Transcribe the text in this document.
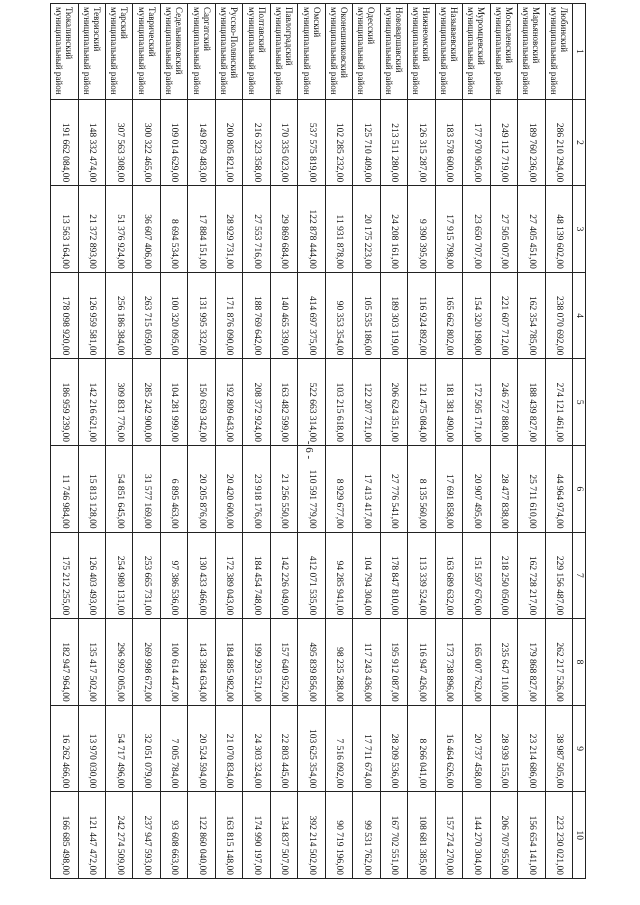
- 6 -
1	2	3	4	5	6	7	8	9	10
Любинский муниципальный район	286 210 294,00	48 139 602,00	238 070 692,00	274 121 461,00	44 964 974,00	229 156 487,00	262 217 526,00	38 987 505,00	223 230 021,00
Марьяновский муниципальный район	189 760 236,00	27 405 451,00	162 354 785,00	188 439 827,00	25 711 610,00	162 728 217,00	179 868 827,00	23 214 686,00	156 654 141,00
Москаленский муниципальный район	249 112 719,00	27 505 007,00	221 607 712,00	246 727 888,00	28 477 838,00	218 250 050,00	235 647 110,00	28 939 155,00	206 707 955,00
Муромцевский муниципальный район	177 970 905,00	23 650 707,00	154 320 198,00	172 505 171,00	20 907 495,00	151 597 676,00	165 007 762,00	20 737 458,00	144 270 304,00
Называевский муниципальный район	183 578 600,00	17 915 798,00	165 662 802,00	181 381 490,00	17 691 858,00	163 689 632,00	173 738 896,00	16 464 626,00	157 274 270,00
Нижнеомский муниципальный район	126 315 287,00	9 390 395,00	116 924 892,00	121 475 084,00	8 135 560,00	113 339 524,00	116 947 426,00	8 266 041,00	108 681 385,00
Нововаршавский муниципальный район	213 511 280,00	24 208 161,00	189 303 119,00	206 624 351,00	27 776 541,00	178 847 810,00	195 912 087,00	28 209 536,00	167 702 551,00
Одесский муниципальный район	125 710 409,00	20 175 223,00	105 535 186,00	122 207 721,00	17 413 417,00	104 794 304,00	117 243 436,00	17 711 674,00	99 531 762,00
Оконешниковский муниципальный район	102 285 232,00	11 931 878,00	90 353 354,00	103 215 618,00	8 929 677,00	94 285 941,00	98 235 288,00	7 516 092,00	90 719 196,00
Омский муниципальный район	537 575 819,00	122 878 444,00	414 697 375,00	522 663 314,00	110 591 779,00	412 071 535,00	495 839 856,00	103 625 354,00	392 214 502,00
Павлоградский муниципальный район	170 335 023,00	29 869 684,00	140 465 339,00	163 482 599,00	21 256 550,00	142 226 049,00	157 640 952,00	22 803 445,00	134 837 507,00
Полтавский муниципальный район	216 323 358,00	27 553 716,00	188 769 642,00	208 372 924,00	23 918 176,00	184 454 748,00	199 293 521,00	24 303 324,00	174 990 197,00
Русско-Полянский муниципальный район	200 805 821,00	28 929 731,00	171 876 090,00	192 809 643,00	20 420 600,00	172 389 043,00	184 885 982,00	21 070 834,00	163 815 148,00
Саргатский муниципальный район	149 879 483,00	17 884 151,00	131 995 332,00	150 639 342,00	20 205 876,00	130 433 466,00	143 384 634,00	20 524 594,00	122 860 040,00
Седельниковский муниципальный район	109 014 629,00	8 694 534,00	100 320 095,00	104 281 999,00	6 895 463,00	97 386 536,00	100 614 447,00	7 005 784,00	93 608 663,00
Таврический муниципальный район	300 322 465,00	36 607 406,00	263 715 059,00	285 242 900,00	31 577 169,00	253 665 731,00	269 998 672,00	32 051 079,00	237 947 593,00
Тарский муниципальный район	307 563 308,00	51 376 924,00	256 186 384,00	309 831 776,00	54 851 645,00	254 980 131,00	296 992 005,00	54 717 496,00	242 274 509,00
Тевризский муниципальный район	148 332 474,00	21 372 893,00	126 959 581,00	142 216 621,00	15 813 128,00	126 403 493,00	135 417 502,00	13 970 030,00	121 447 472,00
Тюкалинский муниципальный район	191 662 084,00	13 563 164,00	178 098 920,00	186 959 239,00	11 746 984,00	175 212 255,00	182 947 964,00	16 262 466,00	166 685 498,00
